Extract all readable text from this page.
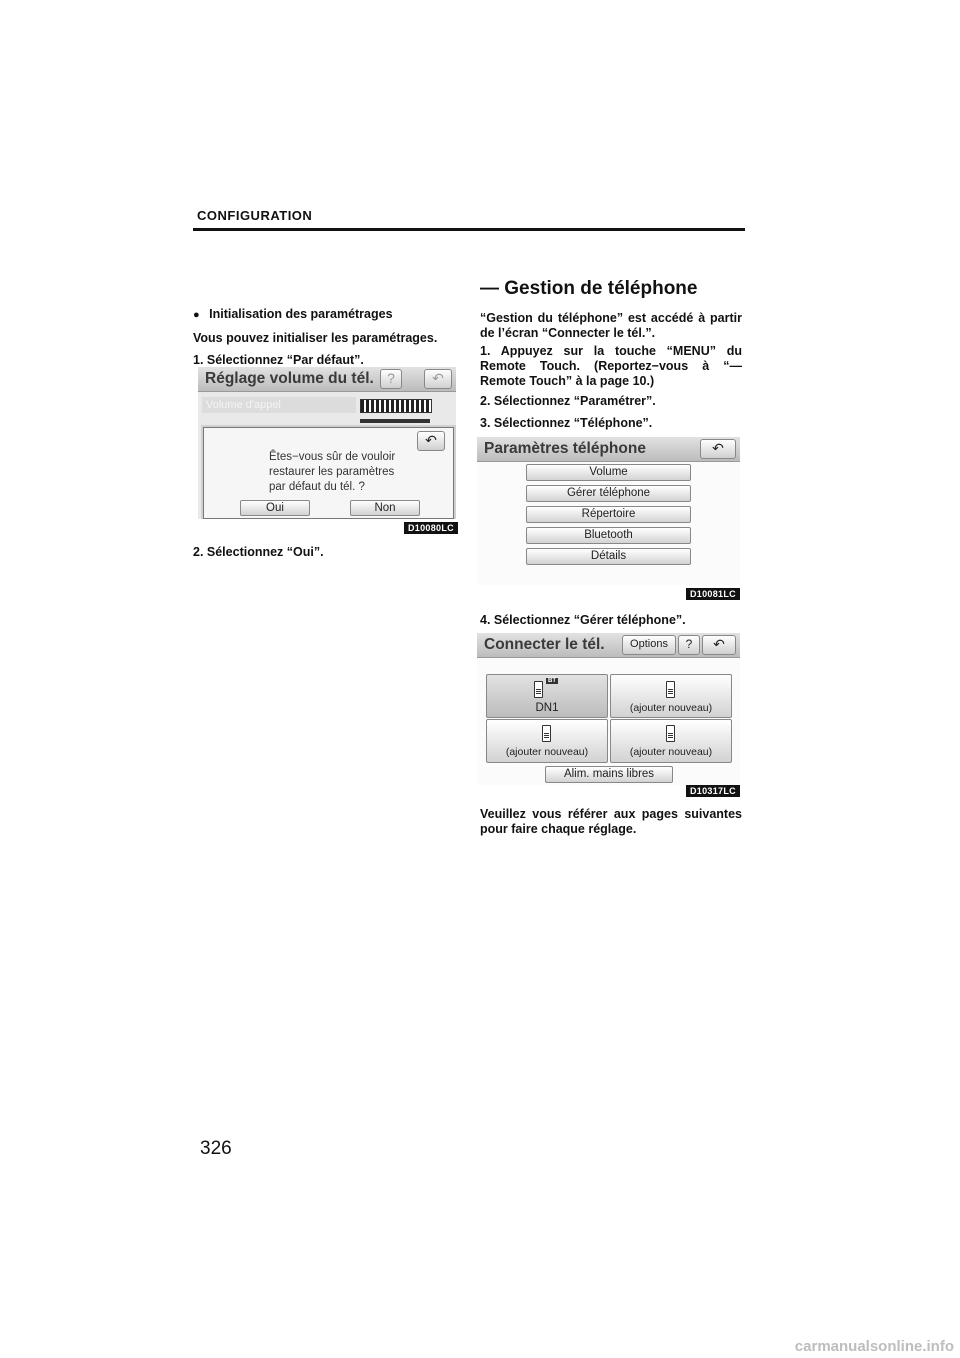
CONFIGURATION
— Gestion de téléphone
● Initialisation des paramétrages
Vous pouvez initialiser les paramétrages.
1. Sélectionnez “Par défaut”.
Réglage volume du tél. ?	↶
Volume d'appel
↶
Êtes−vous sûr de vouloir
restaurer les paramètres
par défaut du tél. ?
Oui	Non
D10080LC
2. Sélectionnez “Oui”.
“Gestion du téléphone” est accédé à partir de l’écran “Connecter le tél.”.
1. Appuyez sur la touche “MENU” du Remote Touch. (Reportez−vous à “— Remote Touch” à la page 10.)
2. Sélectionnez “Paramétrer”.
3. Sélectionnez “Téléphone”.
Paramètres téléphone	↶
Volume
Gérer téléphone
Répertoire
Bluetooth
Détails
D10081LC
4. Sélectionnez “Gérer téléphone”.
Connecter le tél.	Options	?	↶
BT
DN1	(ajouter nouveau)
(ajouter nouveau)	(ajouter nouveau)
Alim. mains libres
D10317LC
Veuillez vous référer aux pages suivantes pour faire chaque réglage.
326
carmanualsonline.info
